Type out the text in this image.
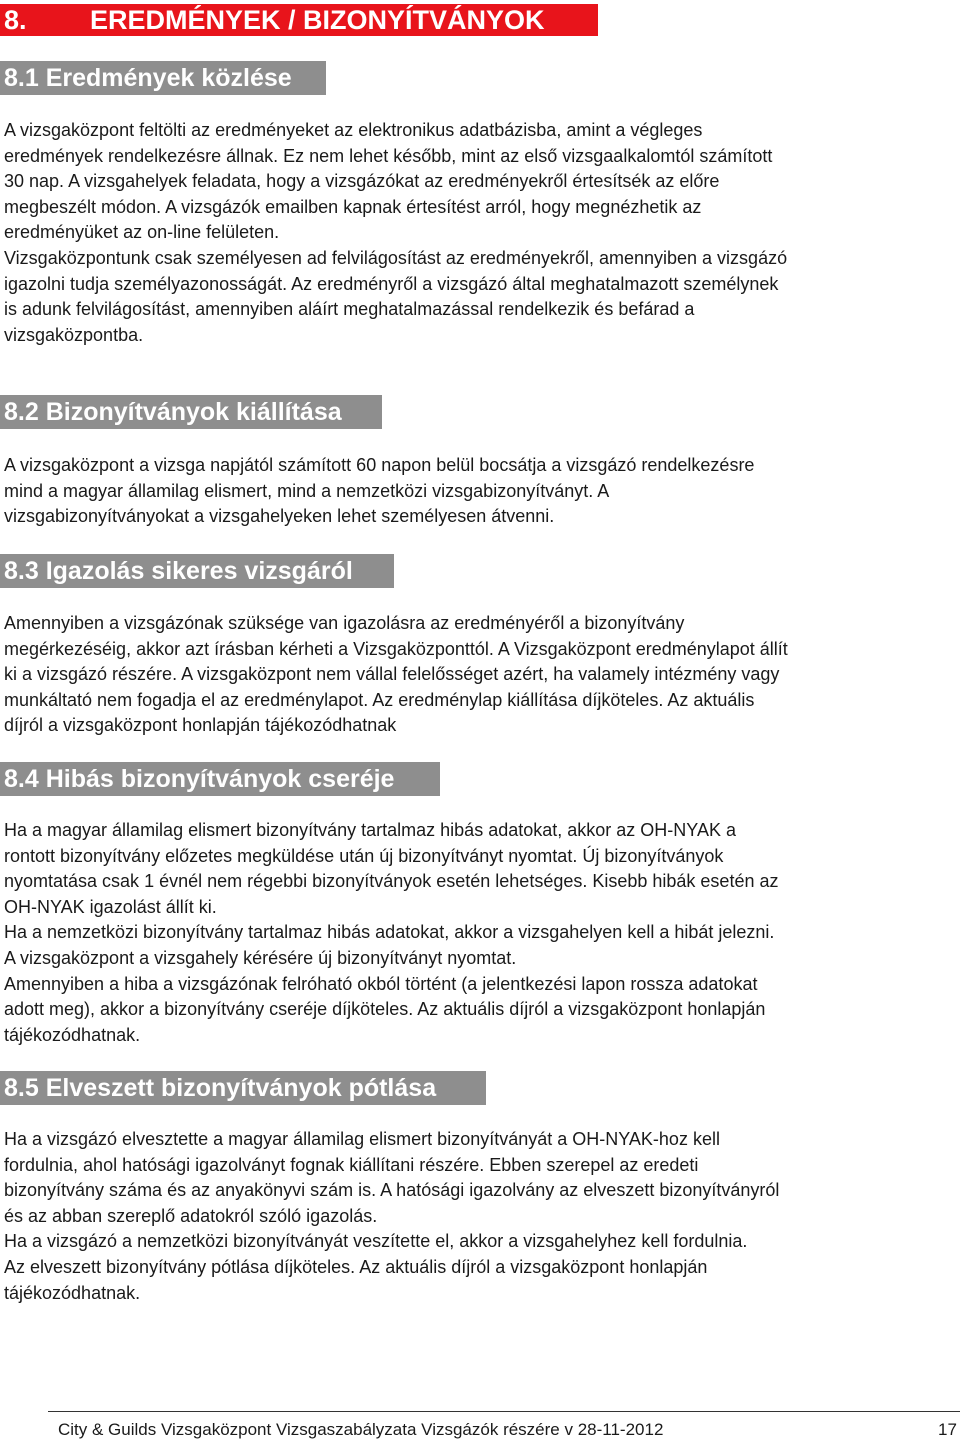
8. EREDMÉNYEK / BIZONYÍTVÁNYOK
8.1 Eredmények közlése

A vizsgaközpont feltölti az eredményeket az elektronikus adatbázisba, amint a végleges

eredmények rendelkezésre állnak. Ez nem lehet később, mint az első vizsgaalkalomtól számított

30 nap. A vizsgahelyek feladata, hogy a vizsgázókat az eredményekről értesítsék az előre

megbeszélt módon. A vizsgázók emailben kapnak értesítést arról, hogy megnézhetik az

eredményüket az on-line felületen.

Vizsgaközpontunk csak személyesen ad felvilágosítást az eredményekről, amennyiben a vizsgázó

igazolni tudja személyazonosságát. Az eredményről a vizsgázó által meghatalmazott személynek

is adunk felvilágosítást, amennyiben aláírt meghatalmazással rendelkezik és befárad a

vizsgaközpontba.

8.2 Bizonyítványok kiállítása

A vizsgaközpont a vizsga napjától számított 60 napon belül bocsátja a vizsgázó rendelkezésre

mind a magyar államilag elismert, mind a nemzetközi vizsgabizonyítványt. A

vizsgabizonyítványokat a vizsgahelyeken lehet személyesen átvenni.

8.3 Igazolás sikeres vizsgáról

Amennyiben a vizsgázónak szüksége van igazolásra az eredményéről a bizonyítvány

megérkezéséig, akkor azt írásban kérheti a Vizsgaközponttól. A Vizsgaközpont eredménylapot állít

ki a vizsgázó részére. A vizsgaközpont nem vállal felelősséget azért, ha valamely intézmény vagy

munkáltató nem fogadja el az eredménylapot. Az eredménylap kiállítása díjköteles. Az aktuális

díjról a vizsgaközpont honlapján tájékozódhatnak

8.4 Hibás bizonyítványok cseréje

Ha a magyar államilag elismert bizonyítvány tartalmaz hibás adatokat, akkor az OH-NYAK a

rontott bizonyítvány előzetes megküldése után új bizonyítványt nyomtat. Új bizonyítványok

nyomtatása csak 1 évnél nem régebbi bizonyítványok esetén lehetséges. Kisebb hibák esetén az

OH-NYAK igazolást állít ki.

Ha a nemzetközi bizonyítvány tartalmaz hibás adatokat, akkor a vizsgahelyen kell a hibát jelezni.

A vizsgaközpont a vizsgahely kérésére új bizonyítványt nyomtat.

Amennyiben a hiba a vizsgázónak felróható okból történt (a jelentkezési lapon rossza adatokat

adott meg), akkor a bizonyítvány cseréje díjköteles. Az aktuális díjról a vizsgaközpont honlapján

tájékozódhatnak.

8.5 Elveszett bizonyítványok pótlása

Ha a vizsgázó elvesztette a magyar államilag elismert bizonyítványát a OH-NYAK-hoz kell

fordulnia, ahol hatósági igazolványt fognak kiállítani részére. Ebben szerepel az eredeti

bizonyítvány száma és az anyakönyvi szám is. A hatósági igazolvány az elveszett bizonyítványról

és az abban szereplő adatokról szóló igazolás.

Ha a vizsgázó a nemzetközi bizonyítványát veszítette el, akkor a vizsgahelyhez kell fordulnia.

Az elveszett bizonyítvány pótlása díjköteles. Az aktuális díjról a vizsgaközpont honlapján

tájékozódhatnak.

City & Guilds Vizsgaközpont Vizsgaszabályzata Vizsgázók részére v 28-11-2012	17
